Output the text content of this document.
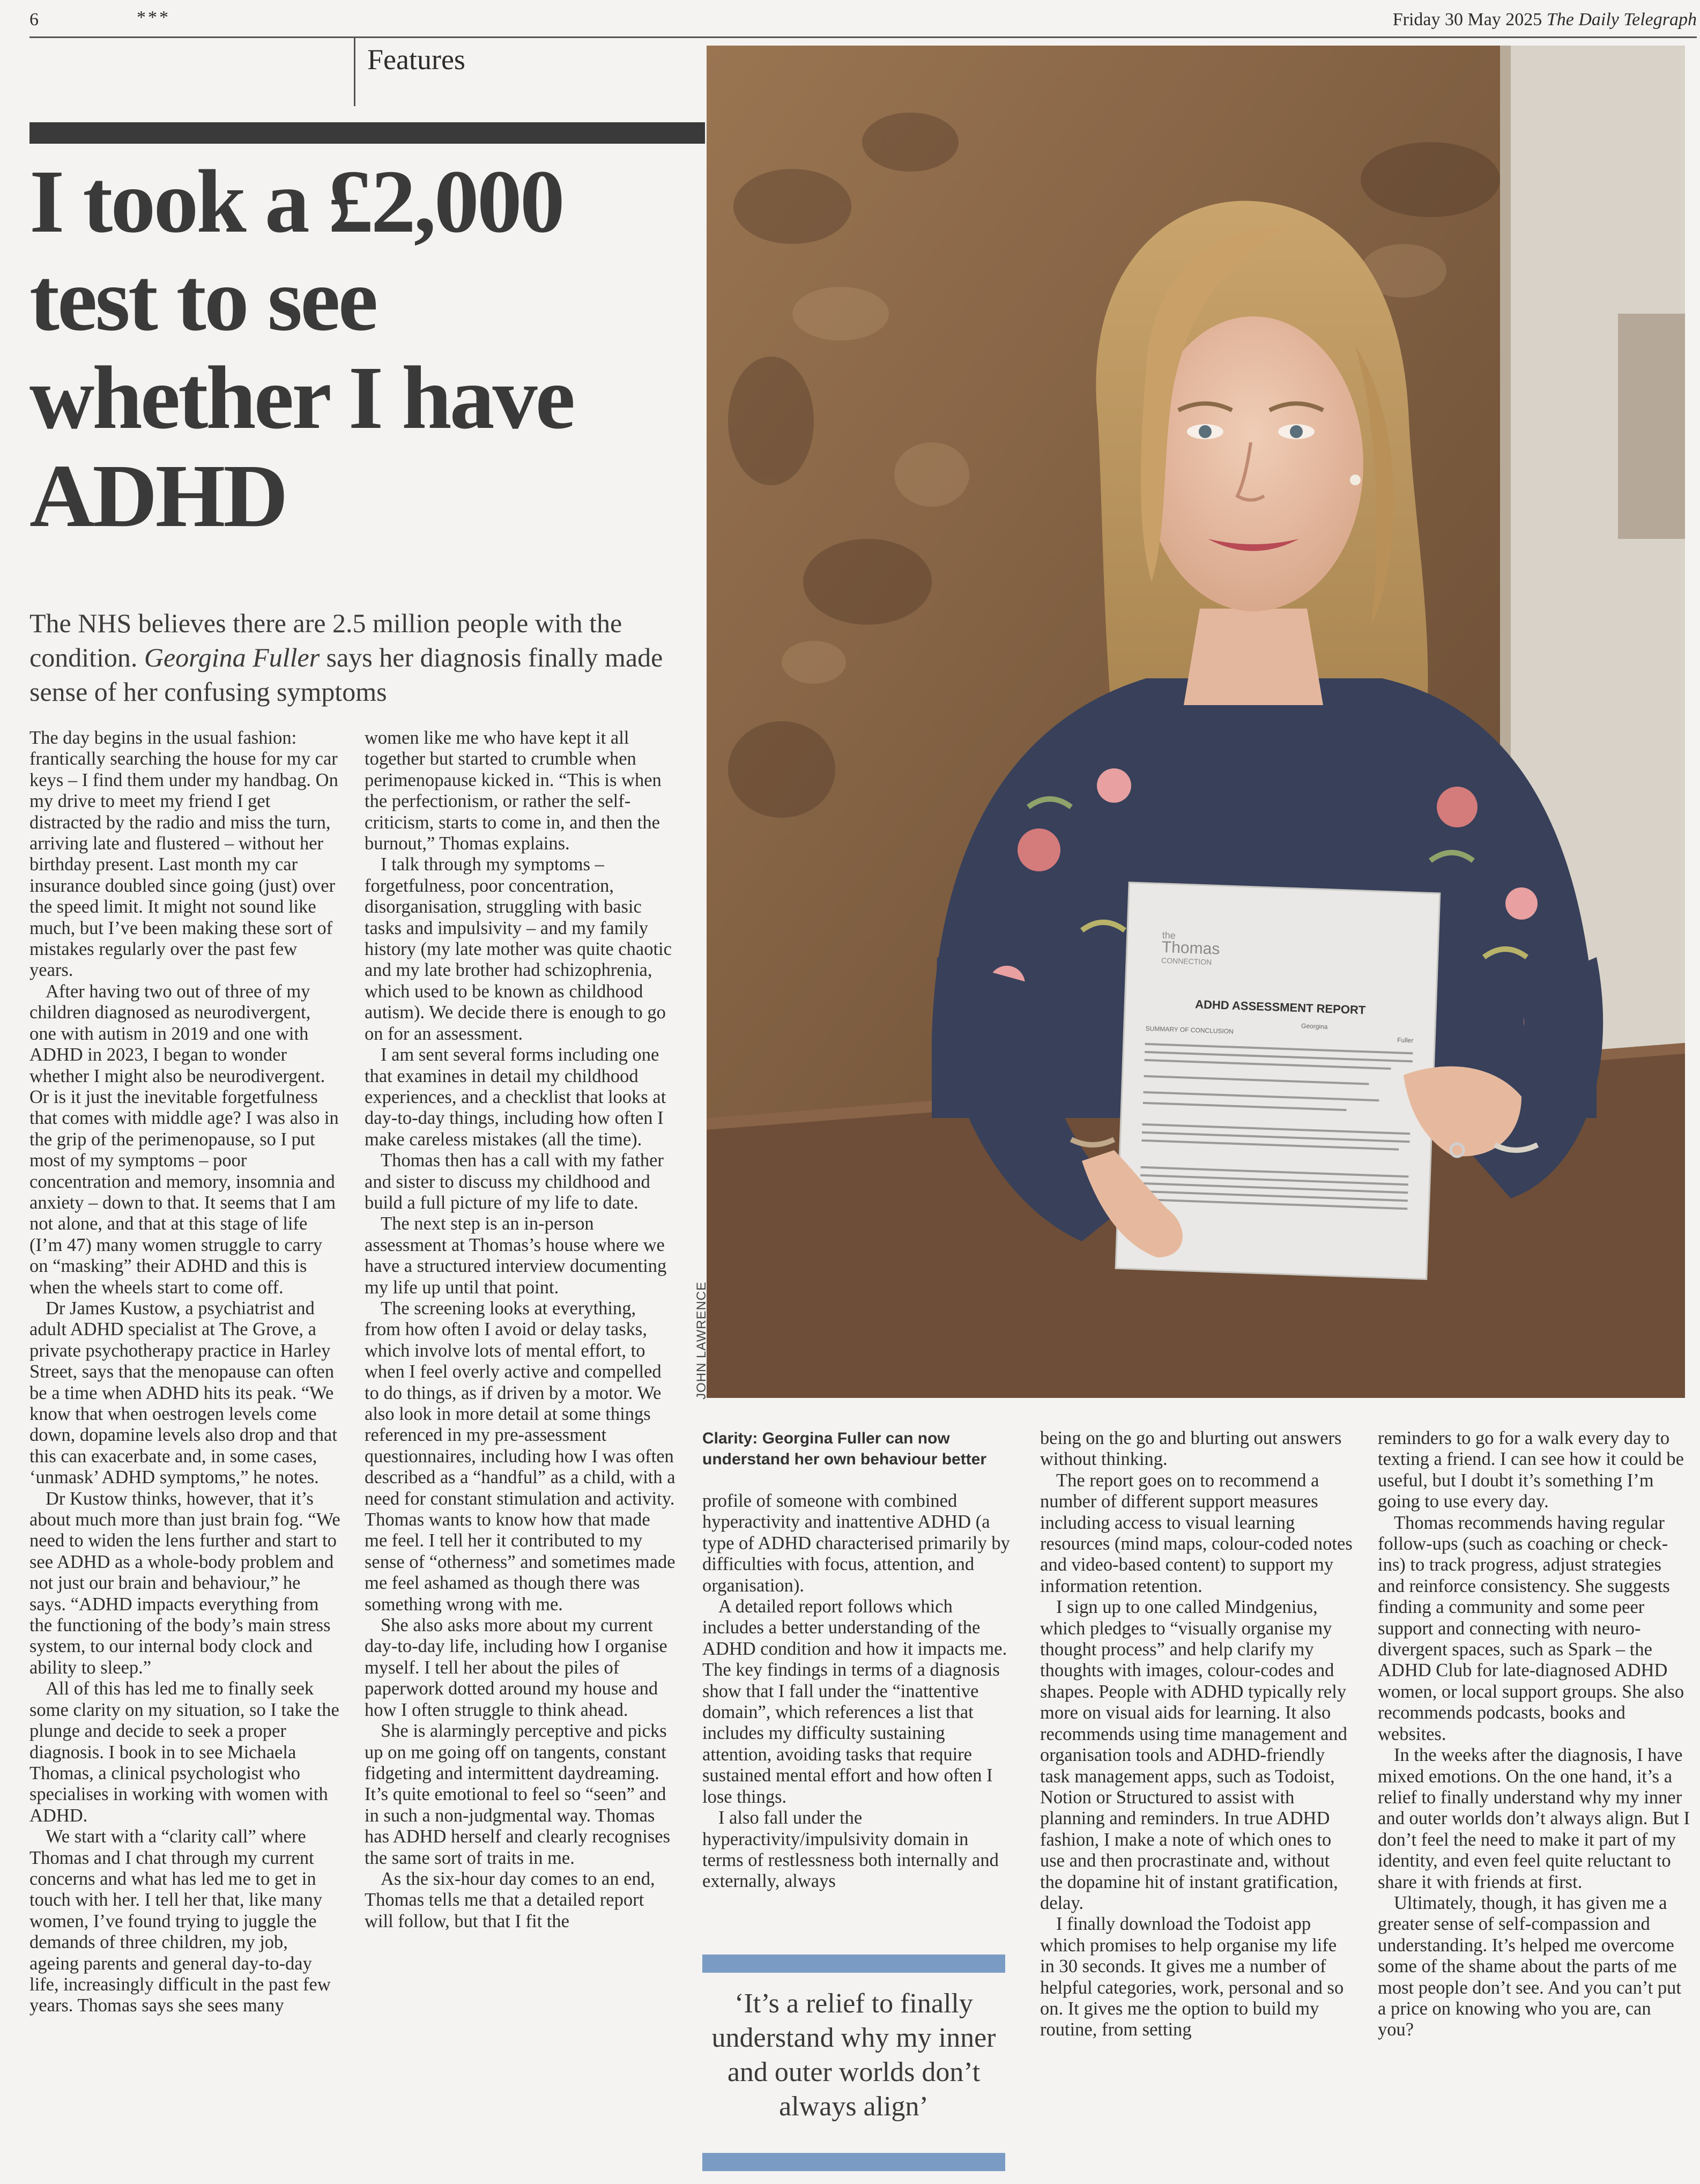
6	***	Friday 30 May 2025 The Daily Telegraph
Features
I took a £2,000 test to see whether I have ADHD
The NHS believes there are 2.5 million people with the condition. Georgina Fuller says her diagnosis finally made sense of her confusing symptoms
the
Thomas
CONNECTION
ADHD ASSESSMENT REPORT
Georgina
Fuller
SUMMARY OF CONCLUSION
JOHN LAWRENCE
Clarity: Georgina Fuller can now understand her own behaviour better

The day begins in the usual fashion: frantically searching the house for my car keys – I find them under my handbag. On my drive to meet my friend I get distracted by the radio and miss the turn, arriving late and flustered – without her birthday present. Last month my car insurance doubled since going (just) over the speed limit. It might not sound like much, but I’ve been making these sort of mistakes regularly over the past few years.

After having two out of three of my children diagnosed as neurodivergent, one with autism in 2019 and one with ADHD in 2023, I began to wonder whether I might also be neurodivergent. Or is it just the inevitable forgetfulness that comes with middle age? I was also in the grip of the perimenopause, so I put most of my symptoms – poor concentration and memory, insomnia and anxiety – down to that. It seems that I am not alone, and that at this stage of life (I’m 47) many women struggle to carry on “masking” their ADHD and this is when the wheels start to come off.

Dr James Kustow, a psychiatrist and adult ADHD specialist at The Grove, a private psychotherapy practice in Harley Street, says that the menopause can often be a time when ADHD hits its peak. “We know that when oestrogen levels come down, dopamine levels also drop and that this can exacerbate and, in some cases, ‘unmask’ ADHD symptoms,” he notes.

Dr Kustow thinks, however, that it’s about much more than just brain fog. “We need to widen the lens further and start to see ADHD as a whole-body problem and not just our brain and behaviour,” he says. “ADHD impacts everything from the functioning of the body’s main stress system, to our internal body clock and ability to sleep.”

All of this has led me to finally seek some clarity on my situation, so I take the plunge and decide to seek a proper diagnosis. I book in to see Michaela Thomas, a clinical psychologist who specialises in working with women with ADHD.

We start with a “clarity call” where Thomas and I chat through my current concerns and what has led me to get in touch with her. I tell her that, like many women, I’ve found trying to juggle the demands of three children, my job, ageing parents and general day-to-day life, increasingly difficult in the past few years. Thomas says she sees many

women like me who have kept it all together but started to crumble when perimenopause kicked in. “This is when the perfectionism, or rather the self-criticism, starts to come in, and then the burnout,” Thomas explains.

I talk through my symptoms – forgetfulness, poor concentration, disorganisation, struggling with basic tasks and impulsivity – and my family history (my late mother was quite chaotic and my late brother had schizophrenia, which used to be known as childhood autism). We decide there is enough to go on for an assessment.

I am sent several forms including one that examines in detail my childhood experiences, and a checklist that looks at day-to-day things, including how often I make careless mistakes (all the time).

Thomas then has a call with my father and sister to discuss my childhood and build a full picture of my life to date.

The next step is an in-person assessment at Thomas’s house where we have a structured interview documenting my life up until that point.

The screening looks at everything, from how often I avoid or delay tasks, which involve lots of mental effort, to when I feel overly active and compelled to do things, as if driven by a motor. We also look in more detail at some things referenced in my pre-assessment questionnaires, including how I was often described as a “handful” as a child, with a need for constant stimulation and activity. Thomas wants to know how that made me feel. I tell her it contributed to my sense of “otherness” and sometimes made me feel ashamed as though there was something wrong with me.

She also asks more about my current day-to-day life, including how I organise myself. I tell her about the piles of paperwork dotted around my house and how I often struggle to think ahead.

She is alarmingly perceptive and picks up on me going off on tangents, constant fidgeting and intermittent daydreaming. It’s quite emotional to feel so “seen” and in such a non-judgmental way. Thomas has ADHD herself and clearly recognises the same sort of traits in me.

As the six-hour day comes to an end, Thomas tells me that a detailed report will follow, but that I fit the

profile of someone with combined hyperactivity and inattentive ADHD (a type of ADHD characterised primarily by difficulties with focus, attention, and organisation).

A detailed report follows which includes a better understanding of the ADHD condition and how it impacts me. The key findings in terms of a diagnosis show that I fall under the “inattentive domain”, which references a list that includes my difficulty sustaining attention, avoiding tasks that require sustained mental effort and how often I lose things.

I also fall under the hyperactivity/impulsivity domain in terms of restlessness both internally and externally, always

being on the go and blurting out answers without thinking.

The report goes on to recommend a number of different support measures including access to visual learning resources (mind maps, colour-coded notes and video-based content) to support my information retention.

I sign up to one called Mindgenius, which pledges to “visually organise my thought process” and help clarify my thoughts with images, colour-codes and shapes. People with ADHD typically rely more on visual aids for learning. It also recommends using time management and organisation tools and ADHD-friendly task management apps, such as Todoist, Notion or Structured to assist with planning and reminders. In true ADHD fashion, I make a note of which ones to use and then procrastinate and, without the dopamine hit of instant gratification, delay.

I finally download the Todoist app which promises to help organise my life in 30 seconds. It gives me a number of helpful categories, work, personal and so on. It gives me the option to build my routine, from setting

reminders to go for a walk every day to texting a friend. I can see how it could be useful, but I doubt it’s something I’m going to use every day.

Thomas recommends having regular follow-ups (such as coaching or check-ins) to track progress, adjust strategies and reinforce consistency. She suggests finding a community and some peer support and connecting with neuro-divergent spaces, such as Spark – the ADHD Club for late-diagnosed ADHD women, or local support groups. She also recommends podcasts, books and websites.

In the weeks after the diagnosis, I have mixed emotions. On the one hand, it’s a relief to finally understand why my inner and outer worlds don’t always align. But I don’t feel the need to make it part of my identity, and even feel quite reluctant to share it with friends at first.

Ultimately, though, it has given me a greater sense of self-compassion and understanding. It’s helped me overcome some of the shame about the parts of me most people don’t see. And you can’t put a price on knowing who you are, can you?

‘It’s a relief to finally understand why my inner and outer worlds don’t always align’
